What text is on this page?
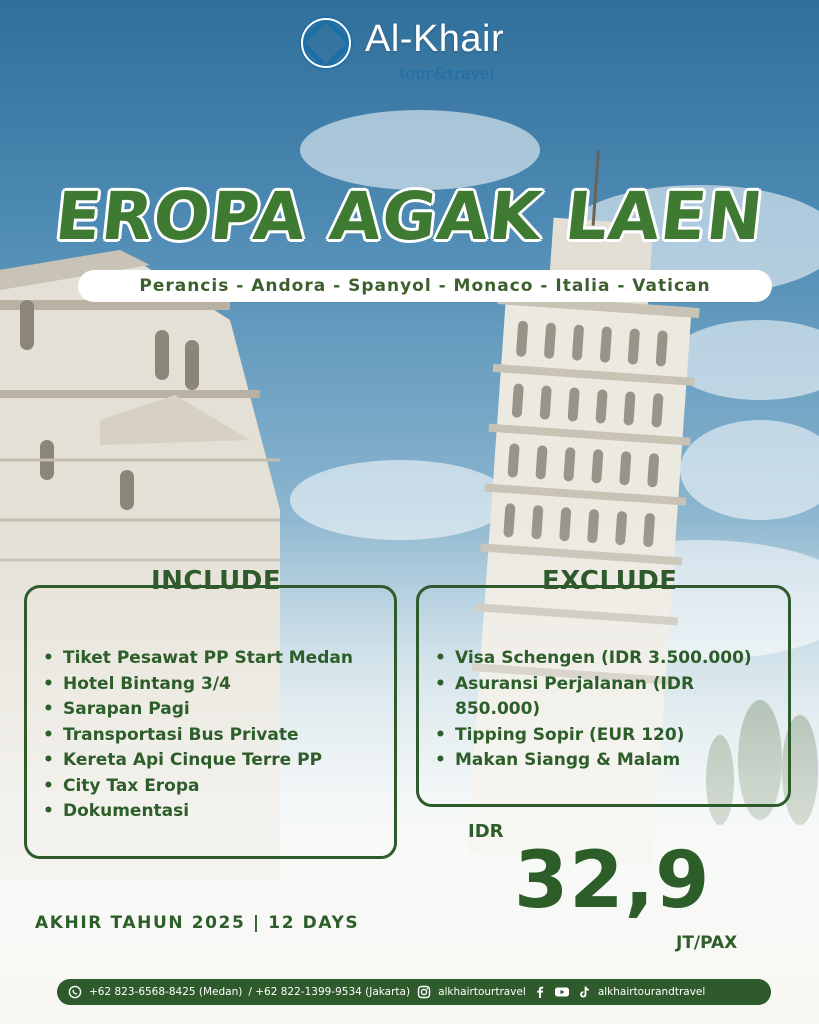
Al-Khair
tour&travel
EROPA AGAK LAEN
Perancis - Andora - Spanyol - Monaco - Italia - Vatican
INCLUDE
• Tiket Pesawat PP Start Medan
• Hotel Bintang 3/4
• Sarapan Pagi
• Transportasi Bus Private
• Kereta Api Cinque Terre PP
• City Tax Eropa
• Dokumentasi
EXCLUDE
• Visa Schengen (IDR 3.500.000)
• Asuransi Perjalanan (IDR 850.000)
• Tipping Sopir (EUR 120)
• Makan Siangg & Malam
IDR
32,9
JT/PAX
AKHIR TAHUN 2025 | 12 DAYS
+62 823-6568-8425 (Medan) / +62 822-1399-9534 (Jakarta)	alkhairtourtravel	alkhairtourandtravel
